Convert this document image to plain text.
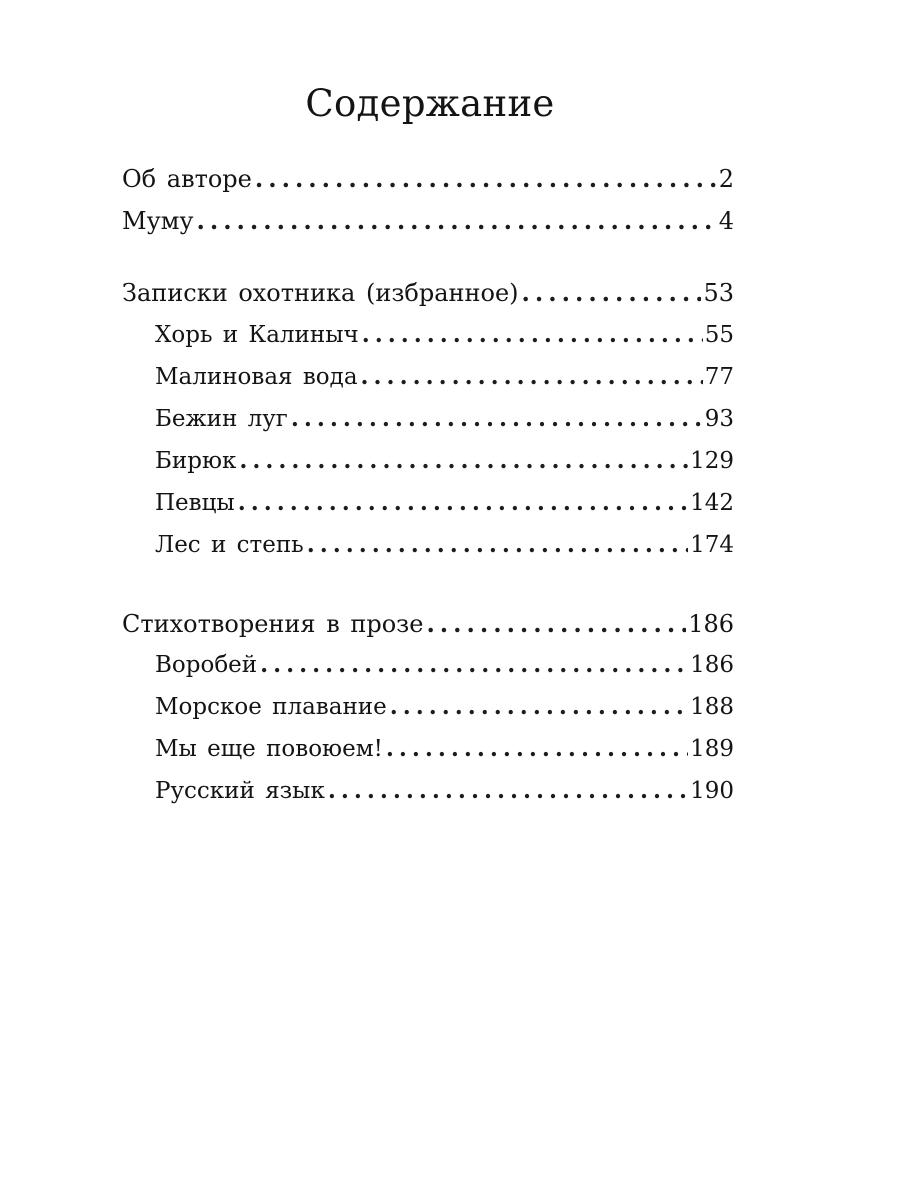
Содержание
Об авторе .....	2
Муму .....	4
Записки охотника (избранное) .....	53
Хорь и Калиныч .....	55
Малиновая вода .....	77
Бежин луг .....	93
Бирюк .....	129
Певцы .....	142
Лес и степь .....	174
Стихотворения в прозе .....	186
Воробей .....	186
Морское плавание .....	188
Мы еще повоюем! .....	189
Русский язык .....	190
